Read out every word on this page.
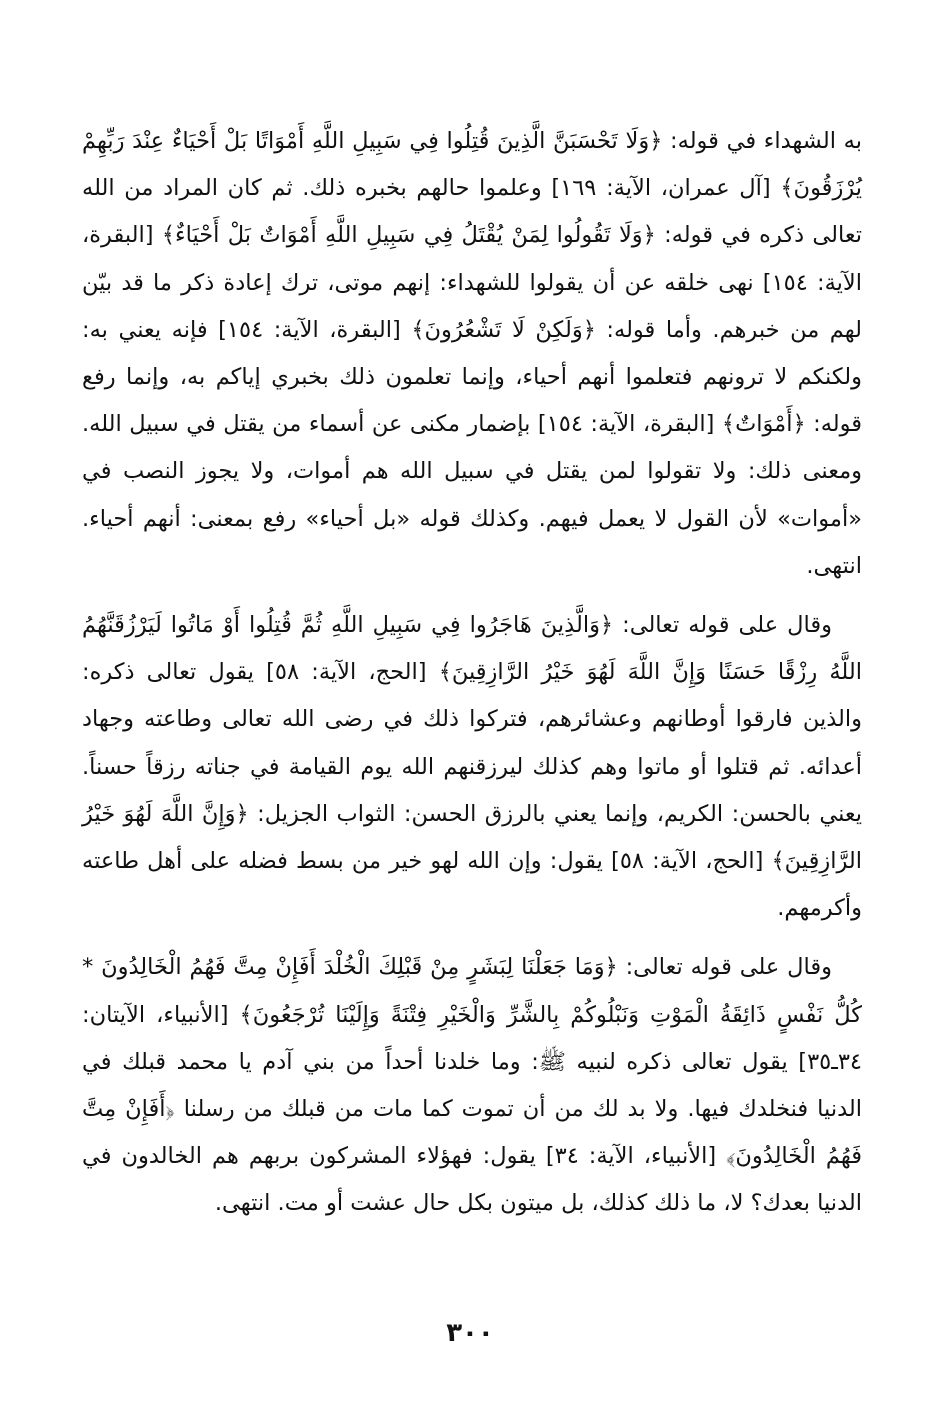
به الشهداء في قوله: ﴿وَلَا تَحْسَبَنَّ الَّذِينَ قُتِلُوا فِي سَبِيلِ اللَّهِ أَمْوَاتًا بَلْ أَحْيَاءٌ عِنْدَ رَبِّهِمْ يُرْزَقُونَ﴾ [آل عمران، الآية: ١٦٩] وعلموا حالهم بخبره ذلك. ثم كان المراد من الله تعالى ذكره في قوله: ﴿وَلَا تَقُولُوا لِمَنْ يُقْتَلُ فِي سَبِيلِ اللَّهِ أَمْوَاتٌ بَلْ أَحْيَاءٌ﴾ [البقرة، الآية: ١٥٤] نهى خلقه عن أن يقولوا للشهداء: إنهم موتى، ترك إعادة ذكر ما قد بيّن لهم من خبرهم. وأما قوله: ﴿وَلَكِنْ لَا تَشْعُرُونَ﴾ [البقرة، الآية: ١٥٤] فإنه يعني به: ولكنكم لا ترونهم فتعلموا أنهم أحياء، وإنما تعلمون ذلك بخبري إياكم به، وإنما رفع قوله: ﴿أَمْوَاتٌ﴾ [البقرة، الآية: ١٥٤] بإضمار مكنى عن أسماء من يقتل في سبيل الله. ومعنى ذلك: ولا تقولوا لمن يقتل في سبيل الله هم أموات، ولا يجوز النصب في «أموات» لأن القول لا يعمل فيهم. وكذلك قوله «بل أحياء» رفع بمعنى: أنهم أحياء. انتهى.

وقال على قوله تعالى: ﴿وَالَّذِينَ هَاجَرُوا فِي سَبِيلِ اللَّهِ ثُمَّ قُتِلُوا أَوْ مَاتُوا لَيَرْزُقَنَّهُمُ اللَّهُ رِزْقًا حَسَنًا وَإِنَّ اللَّهَ لَهُوَ خَيْرُ الرَّازِقِينَ﴾ [الحج، الآية: ٥٨] يقول تعالى ذكره: والذين فارقوا أوطانهم وعشائرهم، فتركوا ذلك في رضى الله تعالى وطاعته وجهاد أعدائه. ثم قتلوا أو ماتوا وهم كذلك ليرزقنهم الله يوم القيامة في جناته رزقاً حسناً. يعني بالحسن: الكريم، وإنما يعني بالرزق الحسن: الثواب الجزيل: ﴿وَإِنَّ اللَّهَ لَهُوَ خَيْرُ الرَّازِقِينَ﴾ [الحج، الآية: ٥٨] يقول: وإن الله لهو خير من بسط فضله على أهل طاعته وأكرمهم.

وقال على قوله تعالى: ﴿وَمَا جَعَلْنَا لِبَشَرٍ مِنْ قَبْلِكَ الْخُلْدَ أَفَإِنْ مِتَّ فَهُمُ الْخَالِدُونَ * كُلُّ نَفْسٍ ذَائِقَةُ الْمَوْتِ وَنَبْلُوكُمْ بِالشَّرِّ وَالْخَيْرِ فِتْنَةً وَإِلَيْنَا تُرْجَعُونَ﴾ [الأنبياء، الآيتان: ٣٤ـ٣٥] يقول تعالى ذكره لنبيه ﷺ: وما خلدنا أحداً من بني آدم يا محمد قبلك في الدنيا فنخلدك فيها. ولا بد لك من أن تموت كما مات من قبلك من رسلنا ﴿أَفَإِنْ مِتَّ فَهُمُ الْخَالِدُونَ﴾ [الأنبياء، الآية: ٣٤] يقول: فهؤلاء المشركون بربهم هم الخالدون في الدنيا بعدك؟ لا، ما ذلك كذلك، بل ميتون بكل حال عشت أو مت. انتهى.

٣٠٠
